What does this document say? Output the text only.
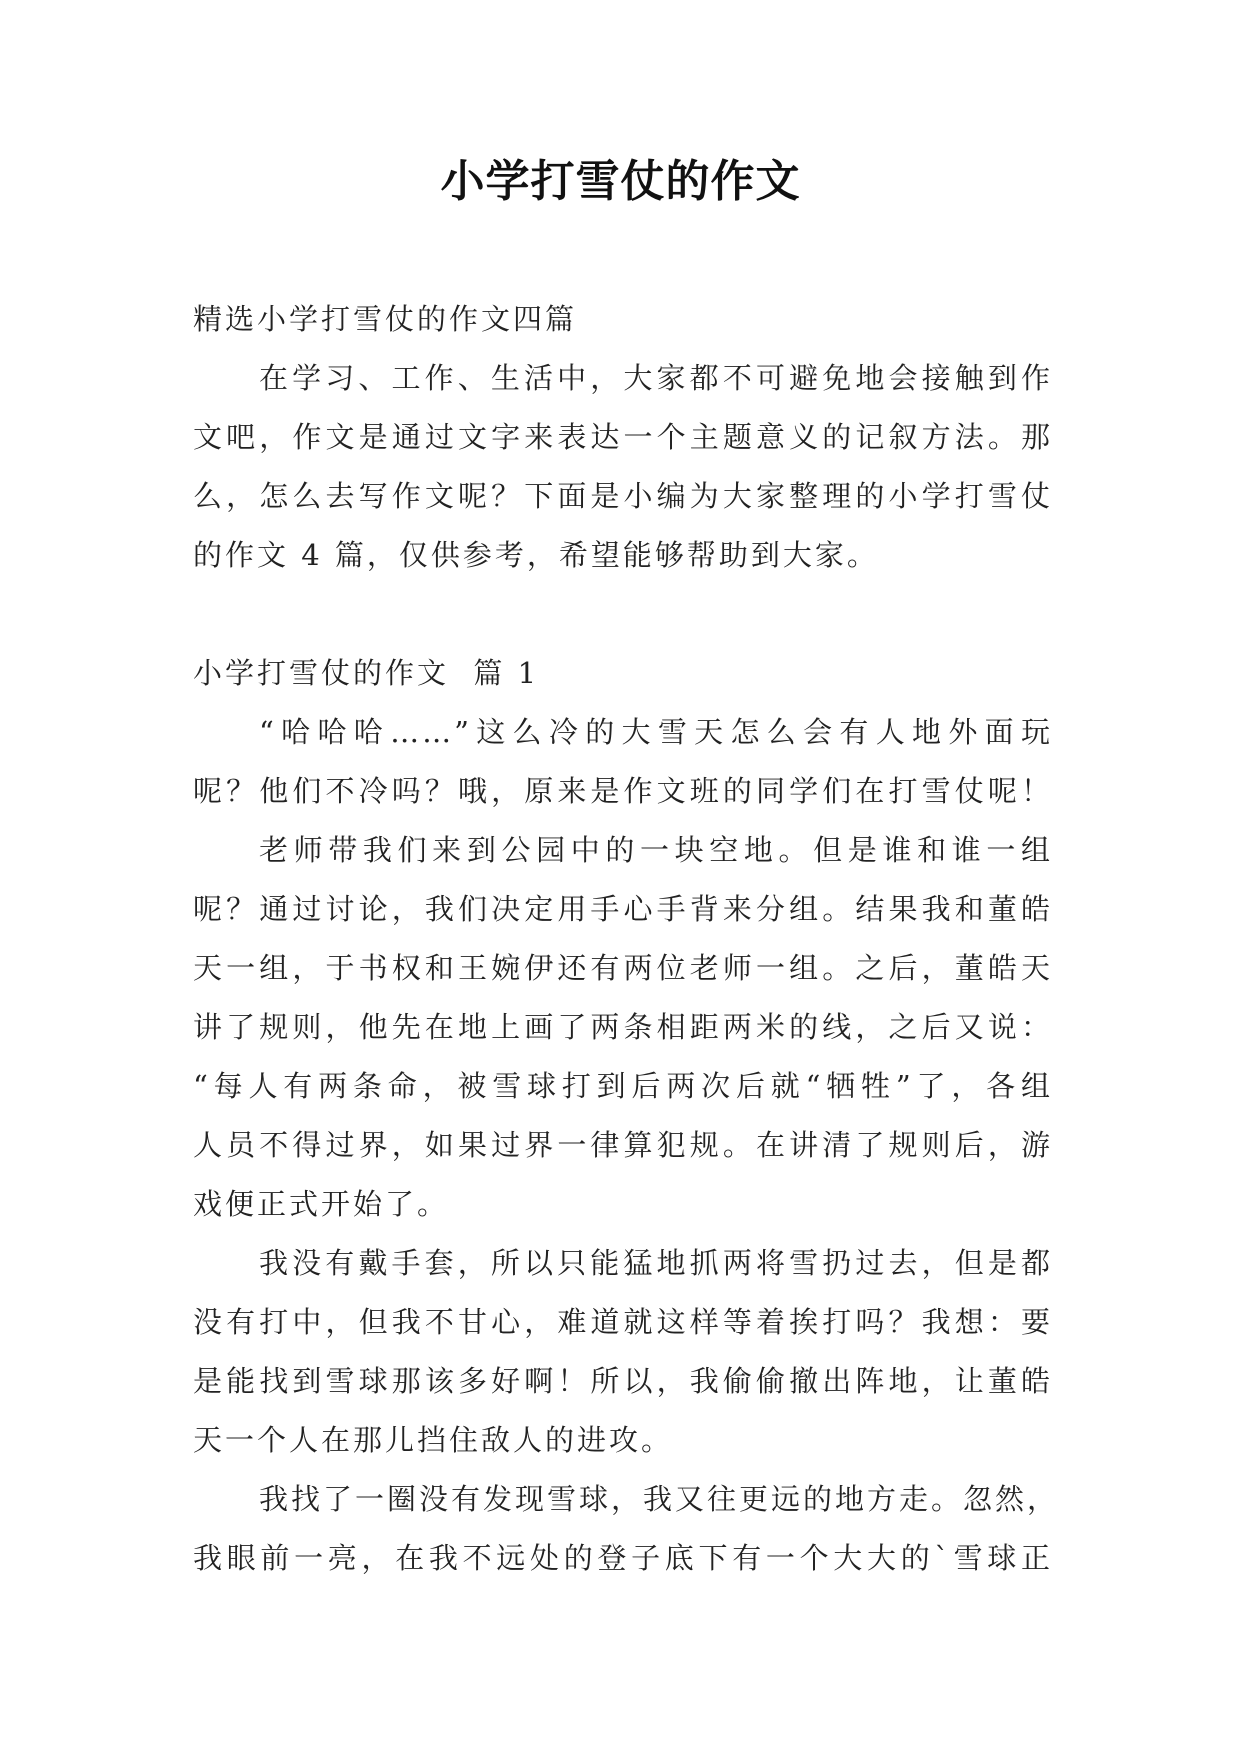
小学打雪仗的作文

精选小学打雪仗的作文四篇

在学习、工作、生活中，大家都不可避免地会接触到作

文吧，作文是通过文字来表达一个主题意义的记叙方法。那

么，怎么去写作文呢？下面是小编为大家整理的小学打雪仗

的作文 4 篇，仅供参考，希望能够帮助到大家。

小学打雪仗的作文  篇 1

“哈哈哈……”这么冷的大雪天怎么会有人地外面玩

呢？他们不冷吗？哦，原来是作文班的同学们在打雪仗呢！

老师带我们来到公园中的一块空地。但是谁和谁一组

呢？通过讨论，我们决定用手心手背来分组。结果我和董皓

天一组，于书权和王婉伊还有两位老师一组。之后，董皓天

讲了规则，他先在地上画了两条相距两米的线，之后又说：

“每人有两条命，被雪球打到后两次后就“牺牲”了，各组

人员不得过界，如果过界一律算犯规。在讲清了规则后，游

戏便正式开始了。

我没有戴手套，所以只能猛地抓两将雪扔过去，但是都

没有打中，但我不甘心，难道就这样等着挨打吗？我想：要

是能找到雪球那该多好啊！所以，我偷偷撤出阵地，让董皓

天一个人在那儿挡住敌人的进攻。

我找了一圈没有发现雪球，我又往更远的地方走。忽然，

我眼前一亮，在我不远处的登子底下有一个大大的`雪球正
